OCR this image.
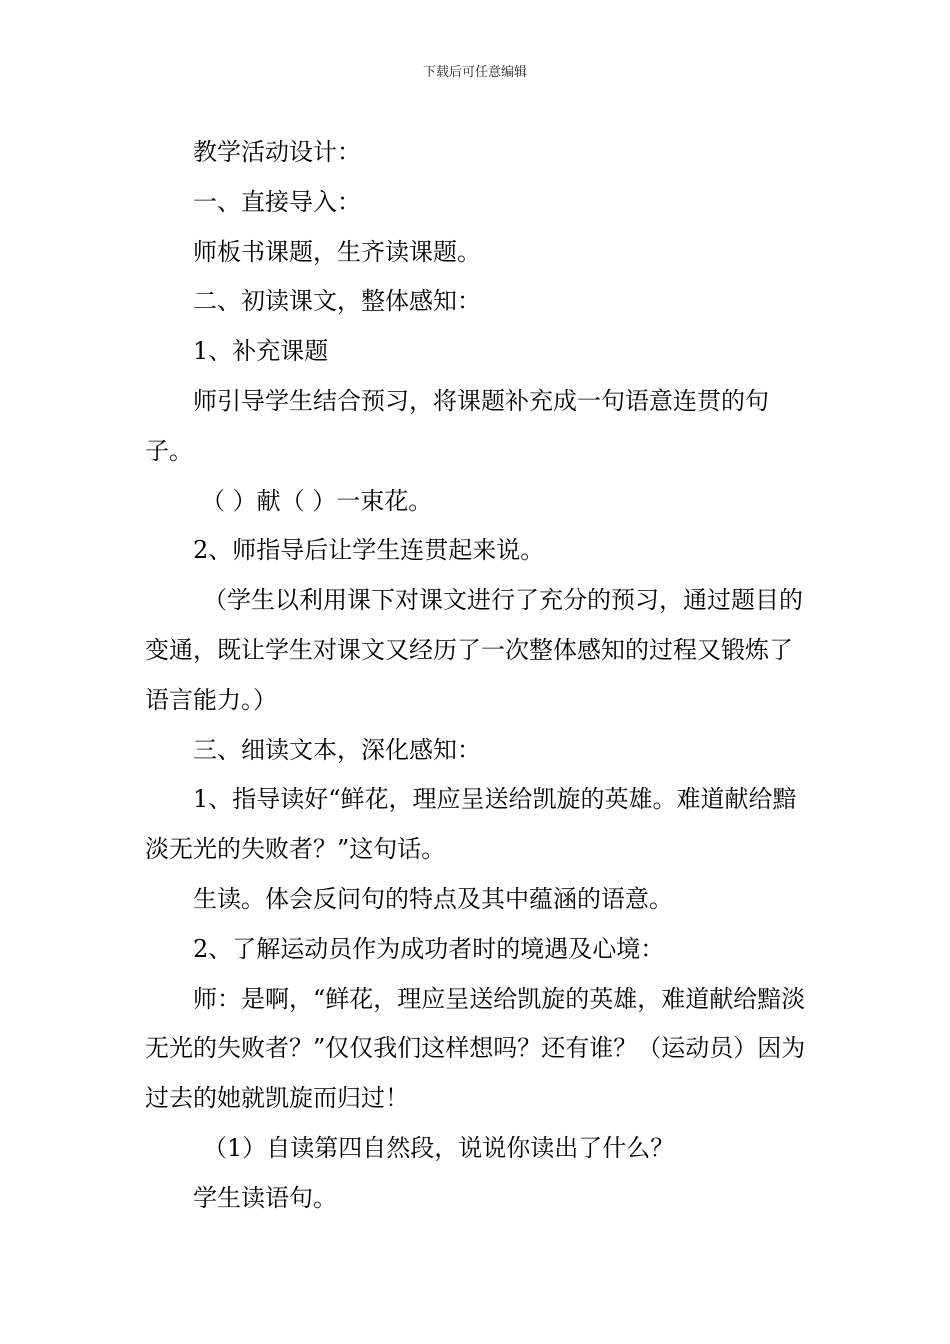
下载后可任意编辑

教学活动设计：

一、直接导入：

师板书课题，生齐读课题。

二、初读课文，整体感知：

1、补充课题

师引导学生结合预习，将课题补充成一句语意连贯的句子。

（ ）献（ ）一束花。

2、师指导后让学生连贯起来说。

（学生以利用课下对课文进行了充分的预习，通过题目的变通，既让学生对课文又经历了一次整体感知的过程又锻炼了语言能力。）

三、细读文本，深化感知：

1、指导读好“鲜花，理应呈送给凯旋的英雄。难道献给黯淡无光的失败者？”这句话。

生读。体会反问句的特点及其中蕴涵的语意。

2、了解运动员作为成功者时的境遇及心境：

师：是啊，“鲜花，理应呈送给凯旋的英雄，难道献给黯淡无光的失败者？”仅仅我们这样想吗？还有谁？（运动员）因为过去的她就凯旋而归过！

（1）自读第四自然段，说说你读出了什么？

学生读语句。
